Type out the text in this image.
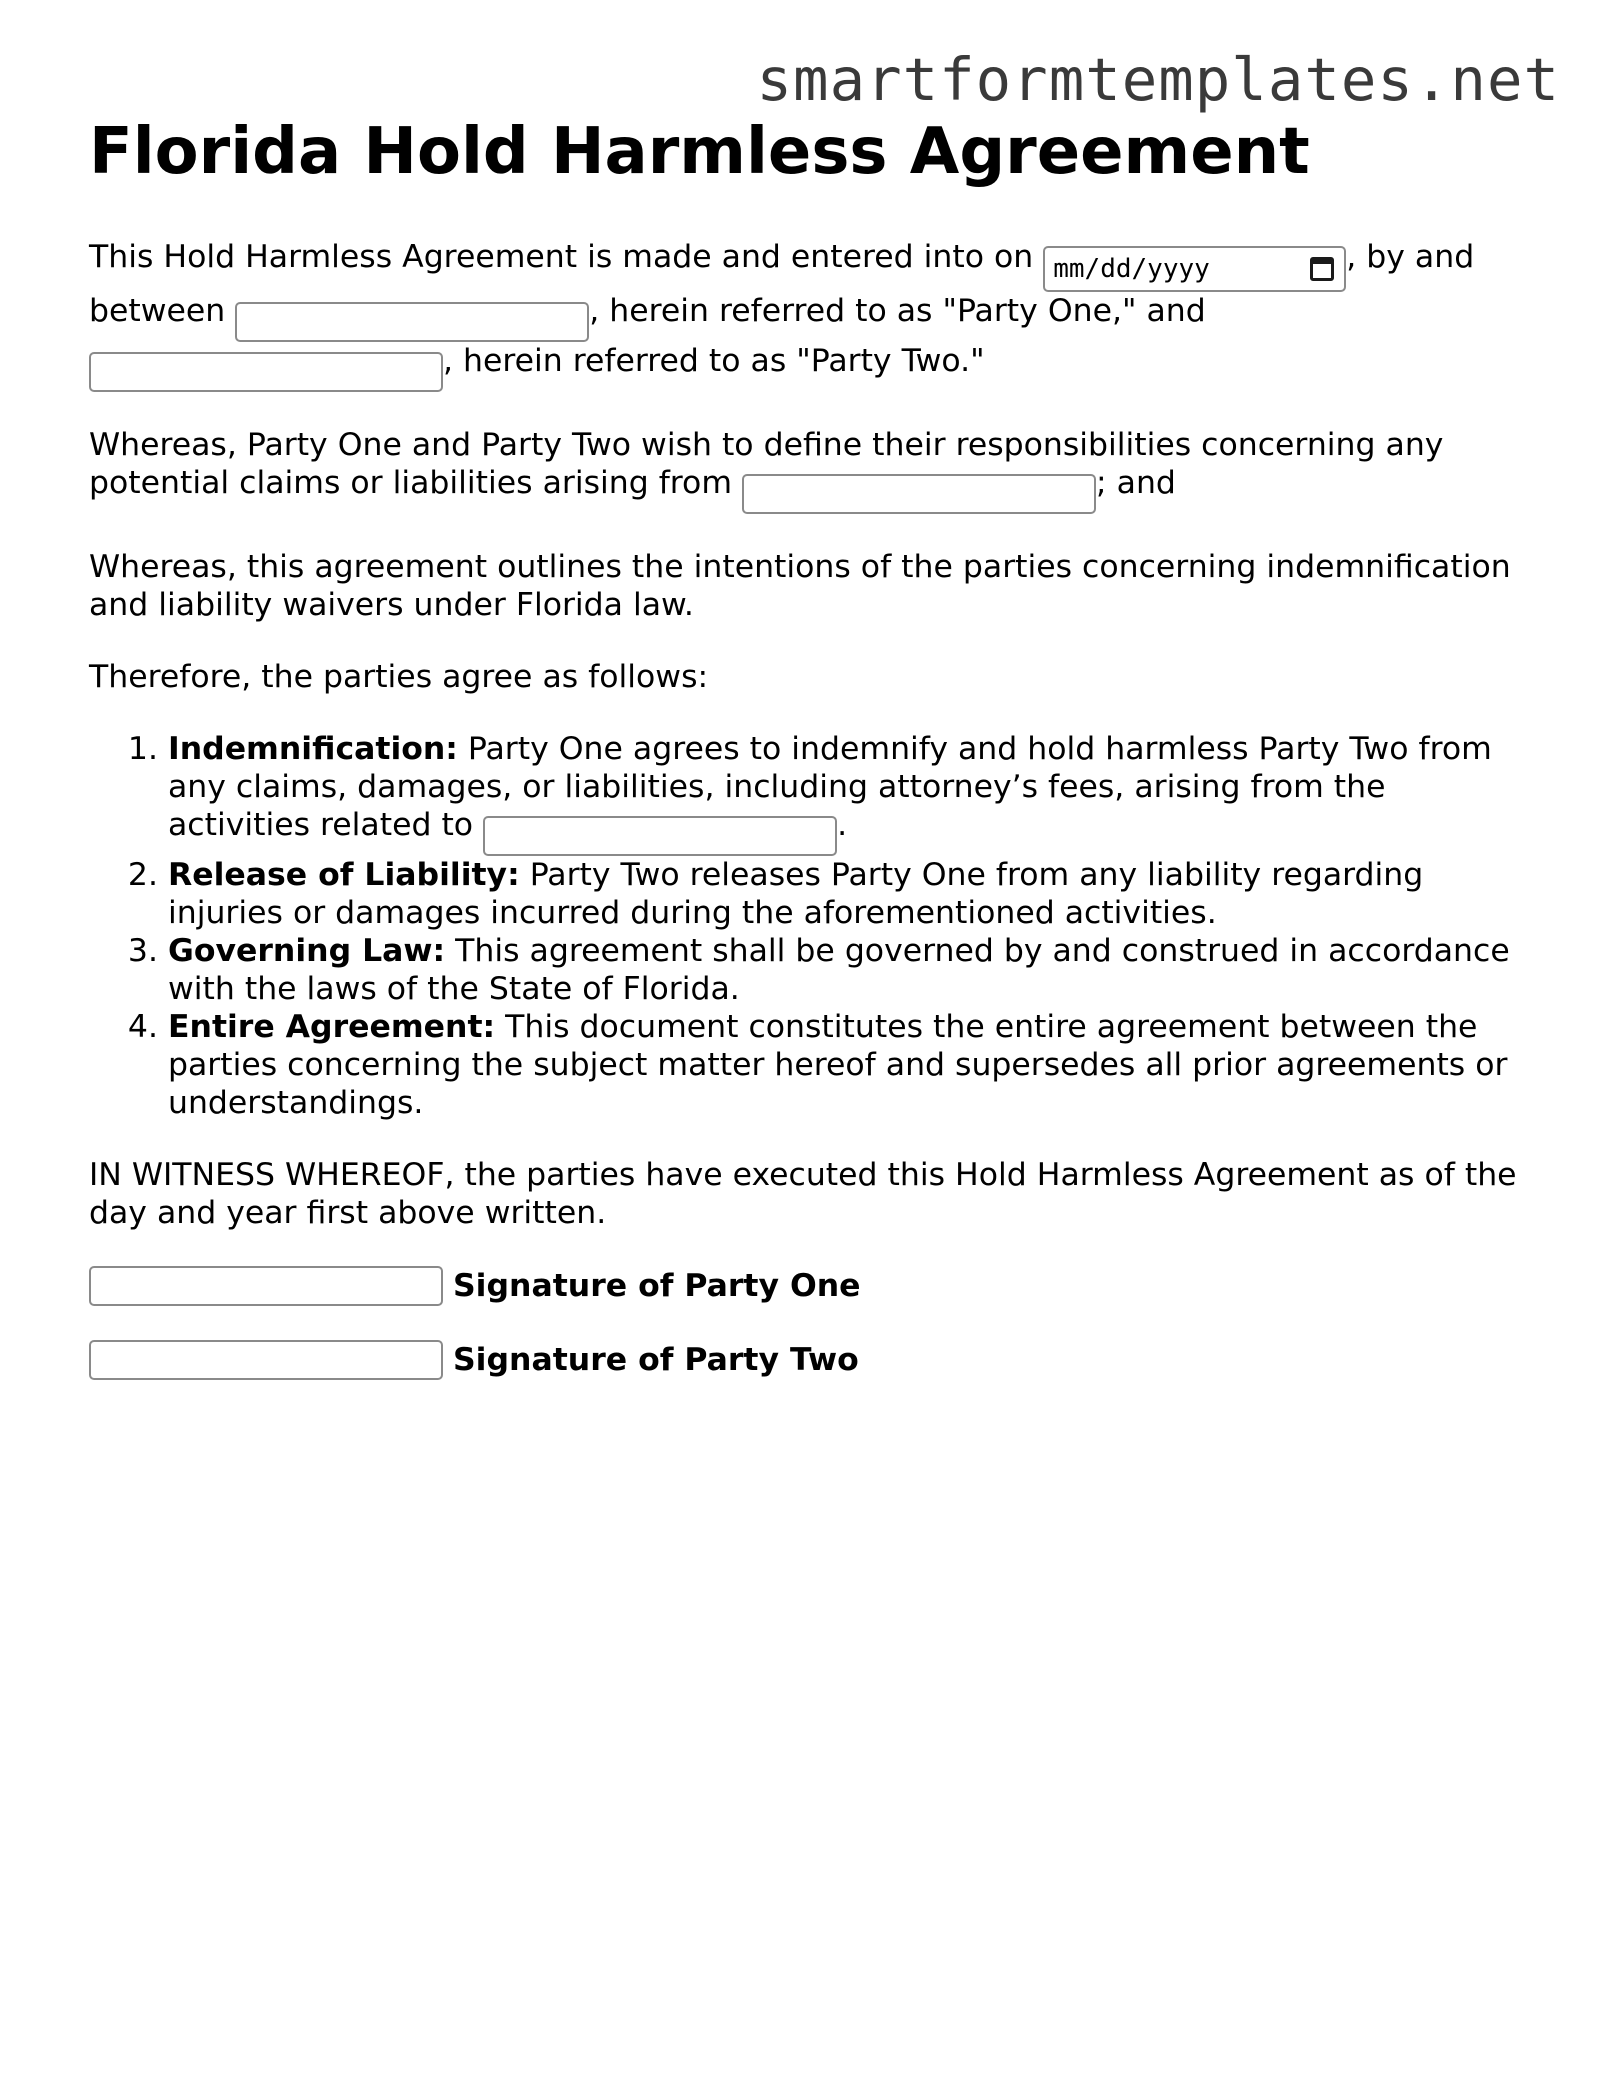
smartformtemplates.net
Florida Hold Harmless Agreement

This Hold Harmless Agreement is made and entered into on mm/dd/yyyy	, by and between	, herein referred to as "Party One," and
, herein referred to as "Party Two."

Whereas, Party One and Party Two wish to define their responsibilities concerning any potential claims or liabilities arising from	; and

Whereas, this agreement outlines the intentions of the parties concerning indemnification and liability waivers under Florida law.

Therefore, the parties agree as follows:

1. Indemnification: Party One agrees to indemnify and hold harmless Party Two from any claims, damages, or liabilities, including attorney’s fees, arising from the activities related to	.
2. Release of Liability: Party Two releases Party One from any liability regarding injuries or damages incurred during the aforementioned activities.
3. Governing Law: This agreement shall be governed by and construed in accordance with the laws of the State of Florida.
4. Entire Agreement: This document constitutes the entire agreement between the parties concerning the subject matter hereof and supersedes all prior agreements or understandings.

IN WITNESS WHEREOF, the parties have executed this Hold Harmless Agreement as of the day and year first above written.

Signature of Party One
Signature of Party Two
